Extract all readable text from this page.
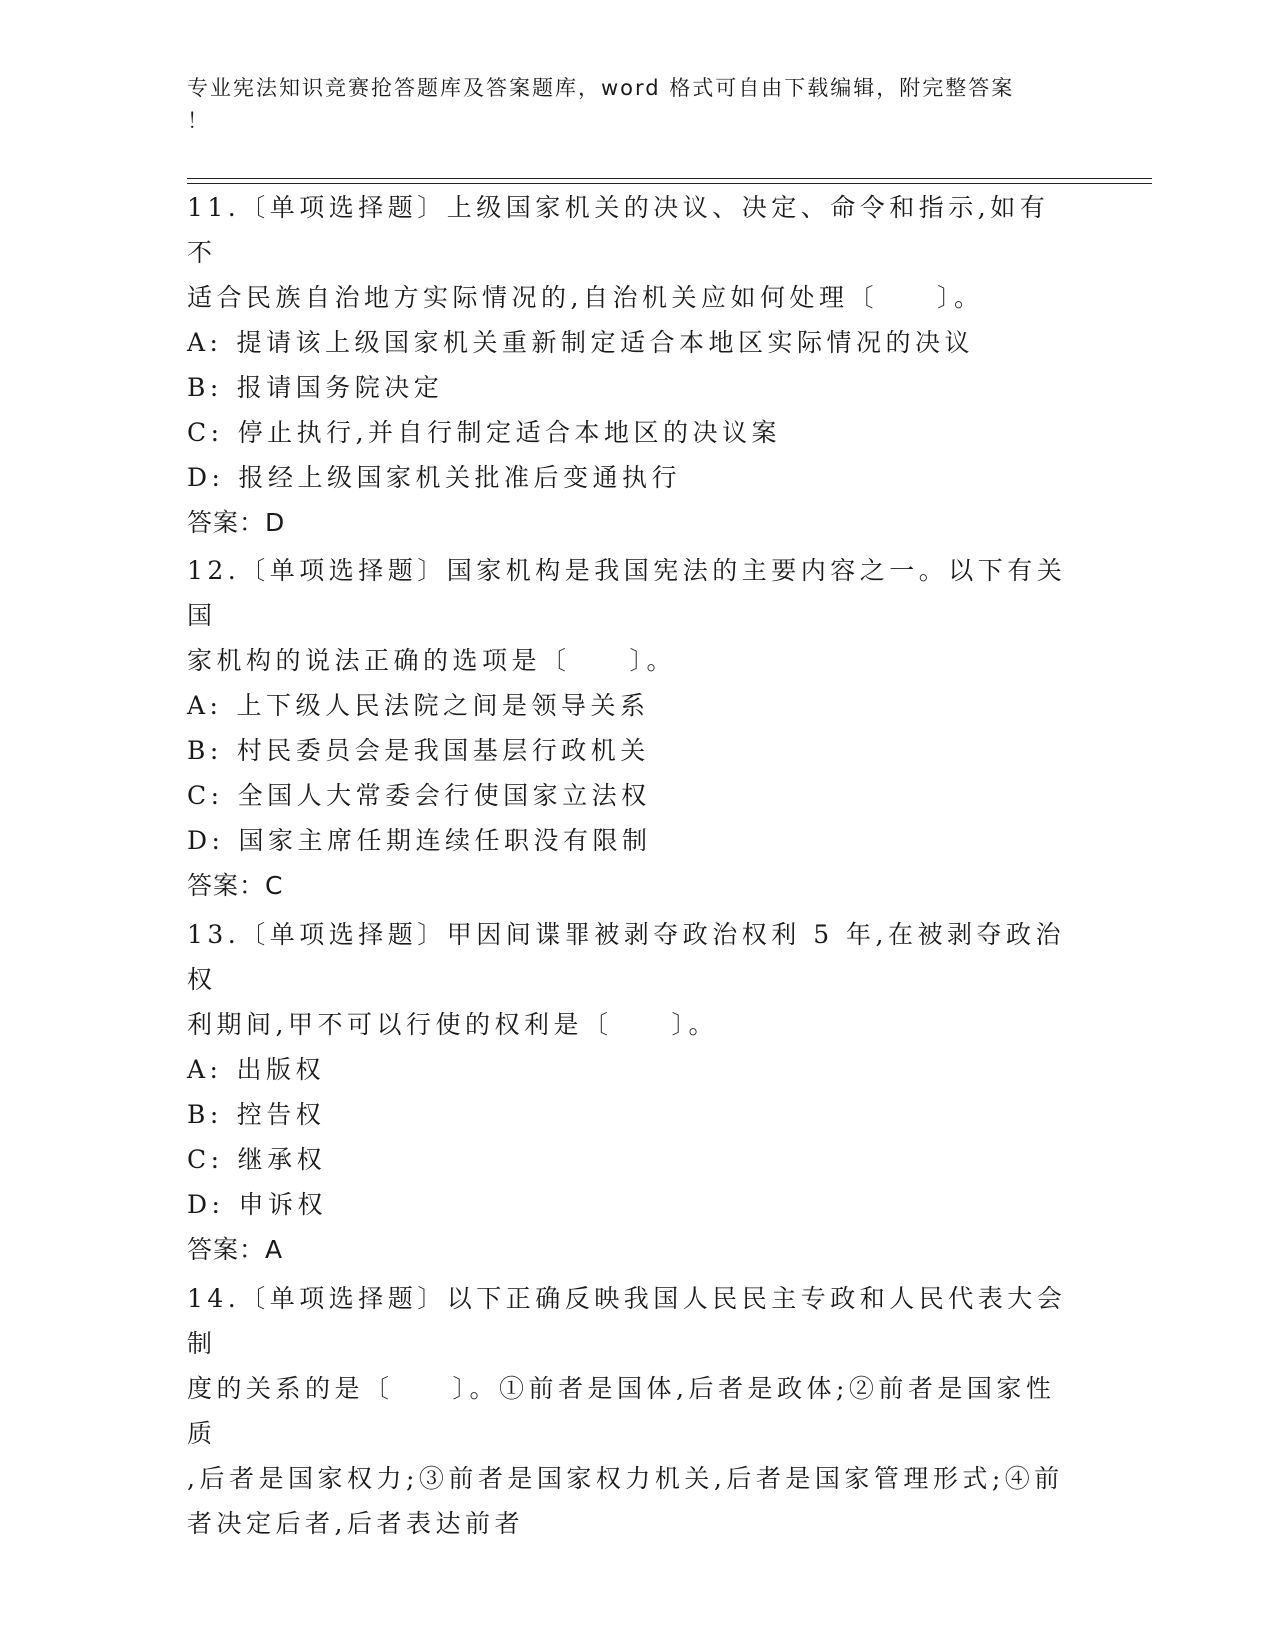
专业宪法知识竞赛抢答题库及答案题库，word 格式可自由下载编辑，附完整答案
！

11.〔单项选择题〕上级国家机关的决议、决定、命令和指示,如有不

适合民族自治地方实际情况的,自治机关应如何处理〔　　〕。

A: 提请该上级国家机关重新制定适合本地区实际情况的决议

B: 报请国务院决定

C: 停止执行,并自行制定适合本地区的决议案

D: 报经上级国家机关批准后变通执行

答案：D

12.〔单项选择题〕国家机构是我国宪法的主要内容之一。以下有关国

家机构的说法正确的选项是〔　　〕。

A: 上下级人民法院之间是领导关系

B: 村民委员会是我国基层行政机关

C: 全国人大常委会行使国家立法权

D: 国家主席任期连续任职没有限制

答案：C

13.〔单项选择题〕甲因间谍罪被剥夺政治权利 5 年,在被剥夺政治权

利期间,甲不可以行使的权利是〔　　〕。

A: 出版权

B: 控告权

C: 继承权

D: 申诉权

答案：A

14.〔单项选择题〕以下正确反映我国人民民主专政和人民代表大会制

度的关系的是〔　　〕。①前者是国体,后者是政体;②前者是国家性质

,后者是国家权力;③前者是国家权力机关,后者是国家管理形式;④前

者决定后者,后者表达前者
